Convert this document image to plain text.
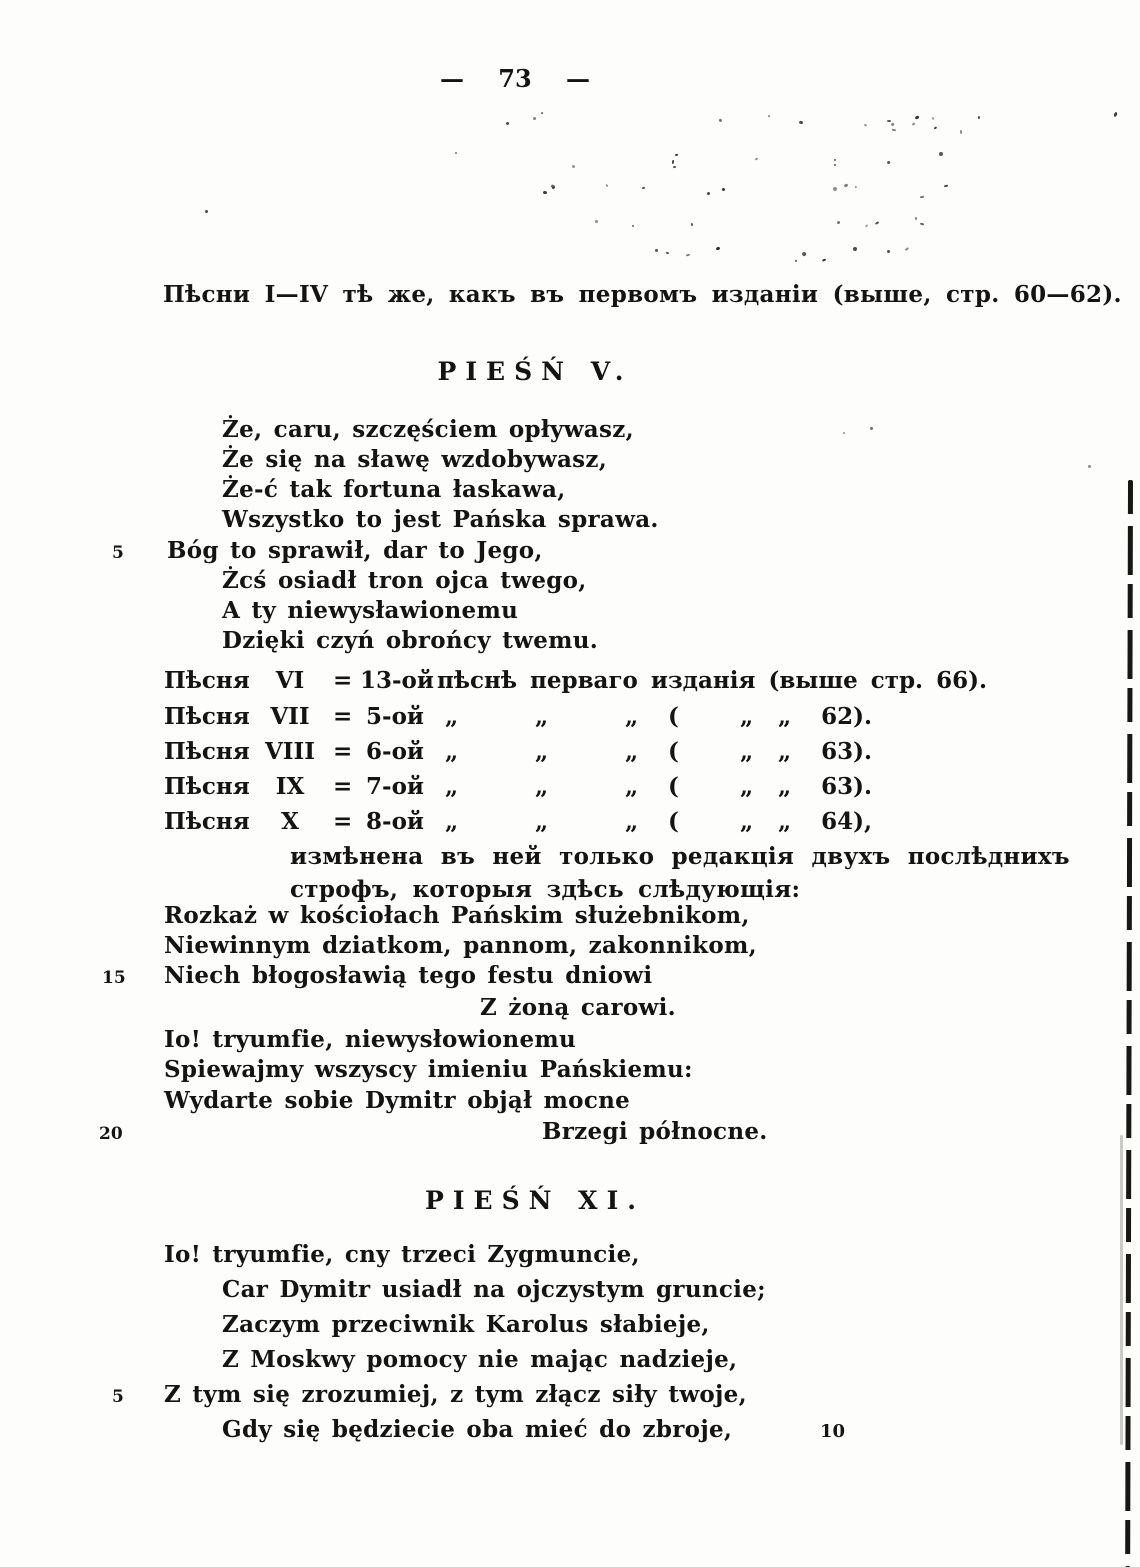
— 73 —
Пѣсни I—IV тѣ же, какъ въ первомъ изданіи (выше, стр. 60—62).
PIEŚŃ V.
5
Że, caru, szczęściem opływasz,
Że się na sławę wzdobywasz,
Że-ć tak fortuna łaskawa,
Wszystko to jest Pańska sprawa.
Bóg to sprawił, dar to Jego,
Żcś osiadł tron ojca twego,
A ty niewysławionemu
Dzięki czyń obrońcy twemu.
Пѣсня	VI	= 13-ой пѣснѣ перваго изданія (выше стр. 66).
Пѣсня VII	= 5-ой „	„	„ (	„ „	62).
Пѣсня VIII = 6-ой „	„	„ (	„ „	63).
Пѣсня	IX	= 7-ой „	„	„ (	„ „	63).
Пѣсня	X	= 8-ой „	„	„ (	„ „	64),
измѣнена въ ней только редакція двухъ послѣднихъ
строфъ, которыя здѣсь слѣдующія:
15
20
Rozkaż w kościołach Pańskim służebnikom,
Niewinnym dziatkom, pannom, zakonnikom,
Niech błogosławią tego festu dniowi
Z żoną carowi.
Io! tryumfie, niewysłowionemu
Spiewajmy wszyscy imieniu Pańskiemu:
Wydarte sobie Dymitr objął mocne
Brzegi północne.
PIEŚŃ XI.
5
Io! tryumfie, cny trzeci Zygmuncie,
Car Dymitr usiadł na ojczystym gruncie;
Zaczym przeciwnik Karolus słabieje,
Z Moskwy pomocy nie mając nadzieje,
Z tym się zrozumiej, z tym złącz siły twoje,
Gdy się będziecie oba mieć do zbroje,	10
